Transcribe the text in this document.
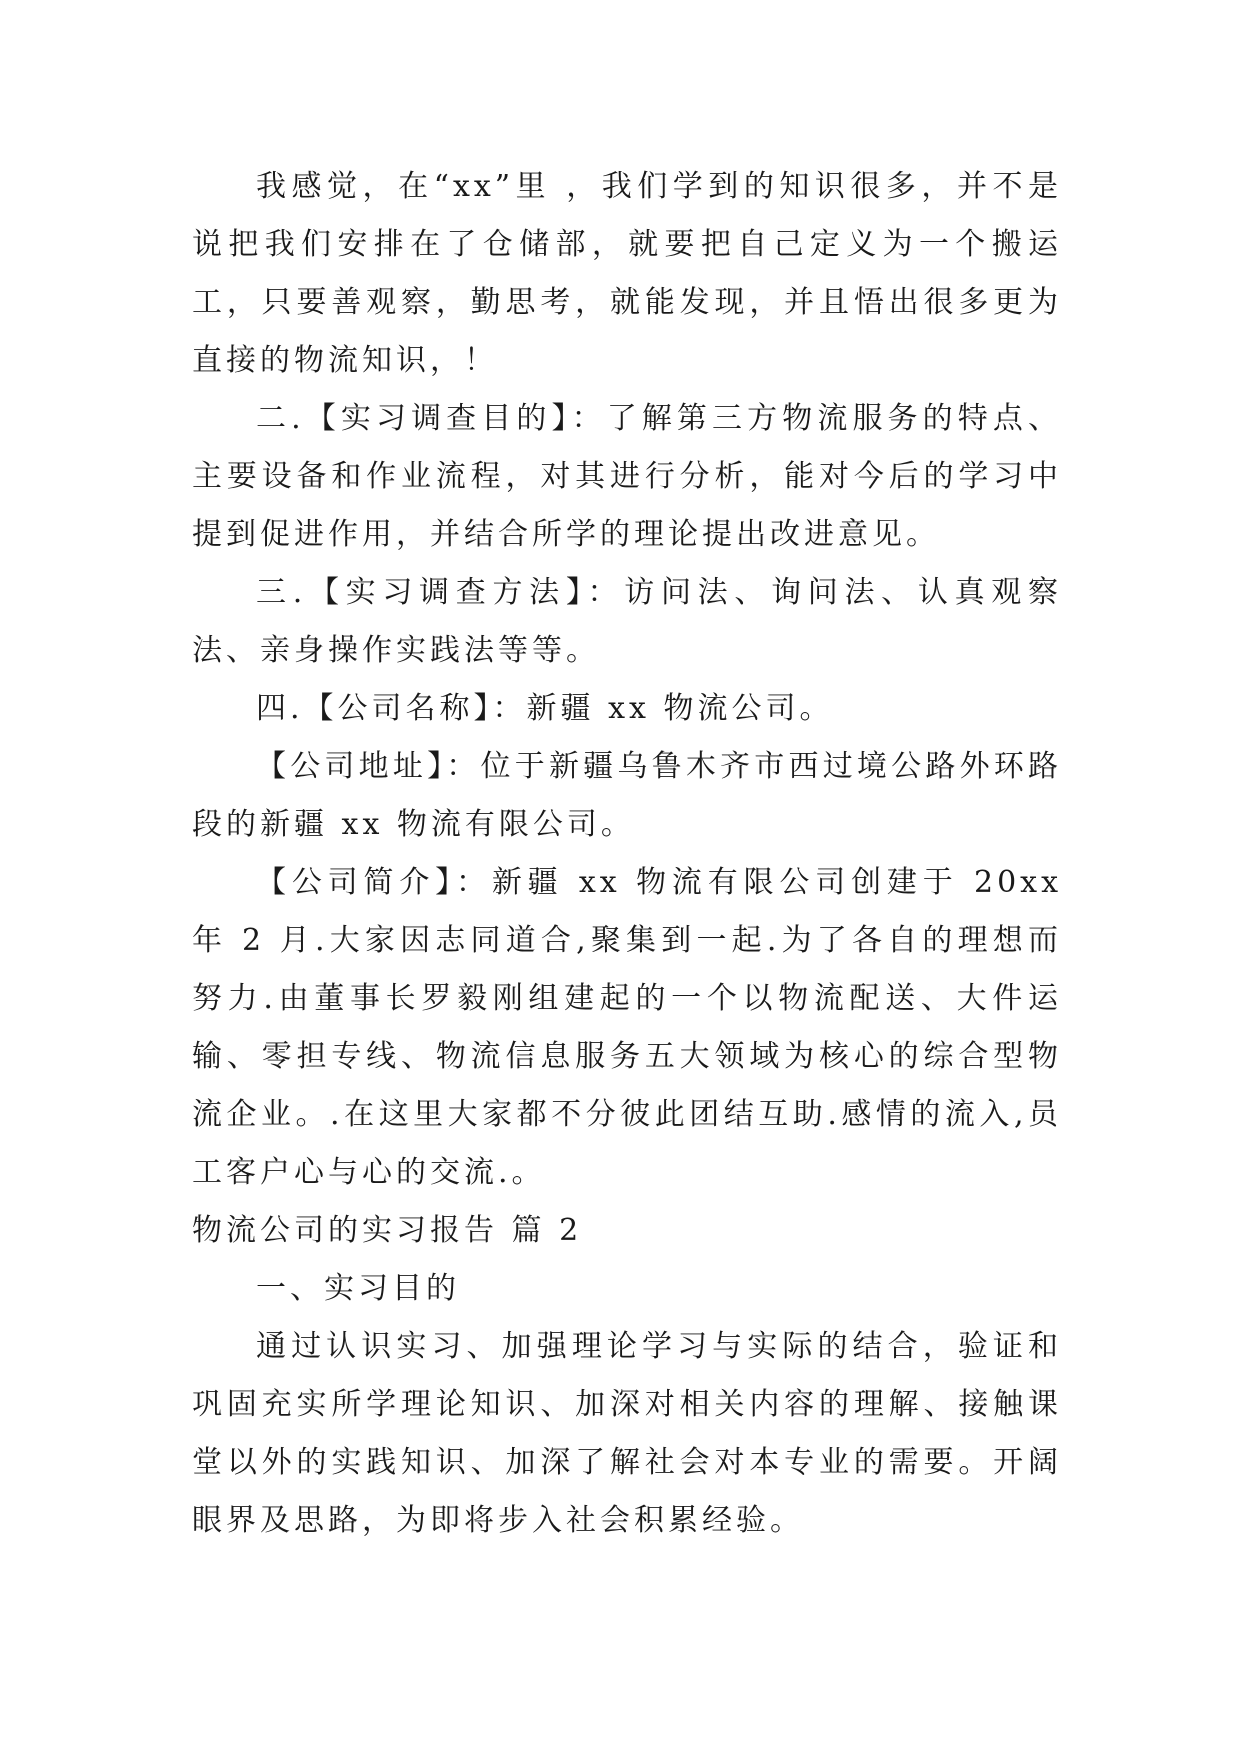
我感觉，在“xx”里 ，我们学到的知识很多，并不是说把我们安排在了仓储部，就要把自己定义为一个搬运工，只要善观察，勤思考，就能发现，并且悟出很多更为直接的物流知识，！

二.【实习调查目的】：了解第三方物流服务的特点、主要设备和作业流程，对其进行分析，能对今后的学习中提到促进作用，并结合所学的理论提出改进意见。

三.【实习调查方法】：访问法、询问法、认真观察法、亲身操作实践法等等。

四.【公司名称】：新疆 xx 物流公司。

【公司地址】：位于新疆乌鲁木齐市西过境公路外环路段的新疆 xx 物流有限公司。

【公司简介】：新疆 xx 物流有限公司创建于 20xx 年 2 月.大家因志同道合,聚集到一起.为了各自的理想而努力.由董事长罗毅刚组建起的一个以物流配送、大件运输、零担专线、物流信息服务五大领域为核心的综合型物流企业。.在这里大家都不分彼此团结互助.感情的流入,员工客户心与心的交流.。

物流公司的实习报告 篇 2

一、实习目的

通过认识实习、加强理论学习与实际的结合，验证和巩固充实所学理论知识、加深对相关内容的理解、接触课堂以外的实践知识、加深了解社会对本专业的需要。开阔眼界及思路，为即将步入社会积累经验。
